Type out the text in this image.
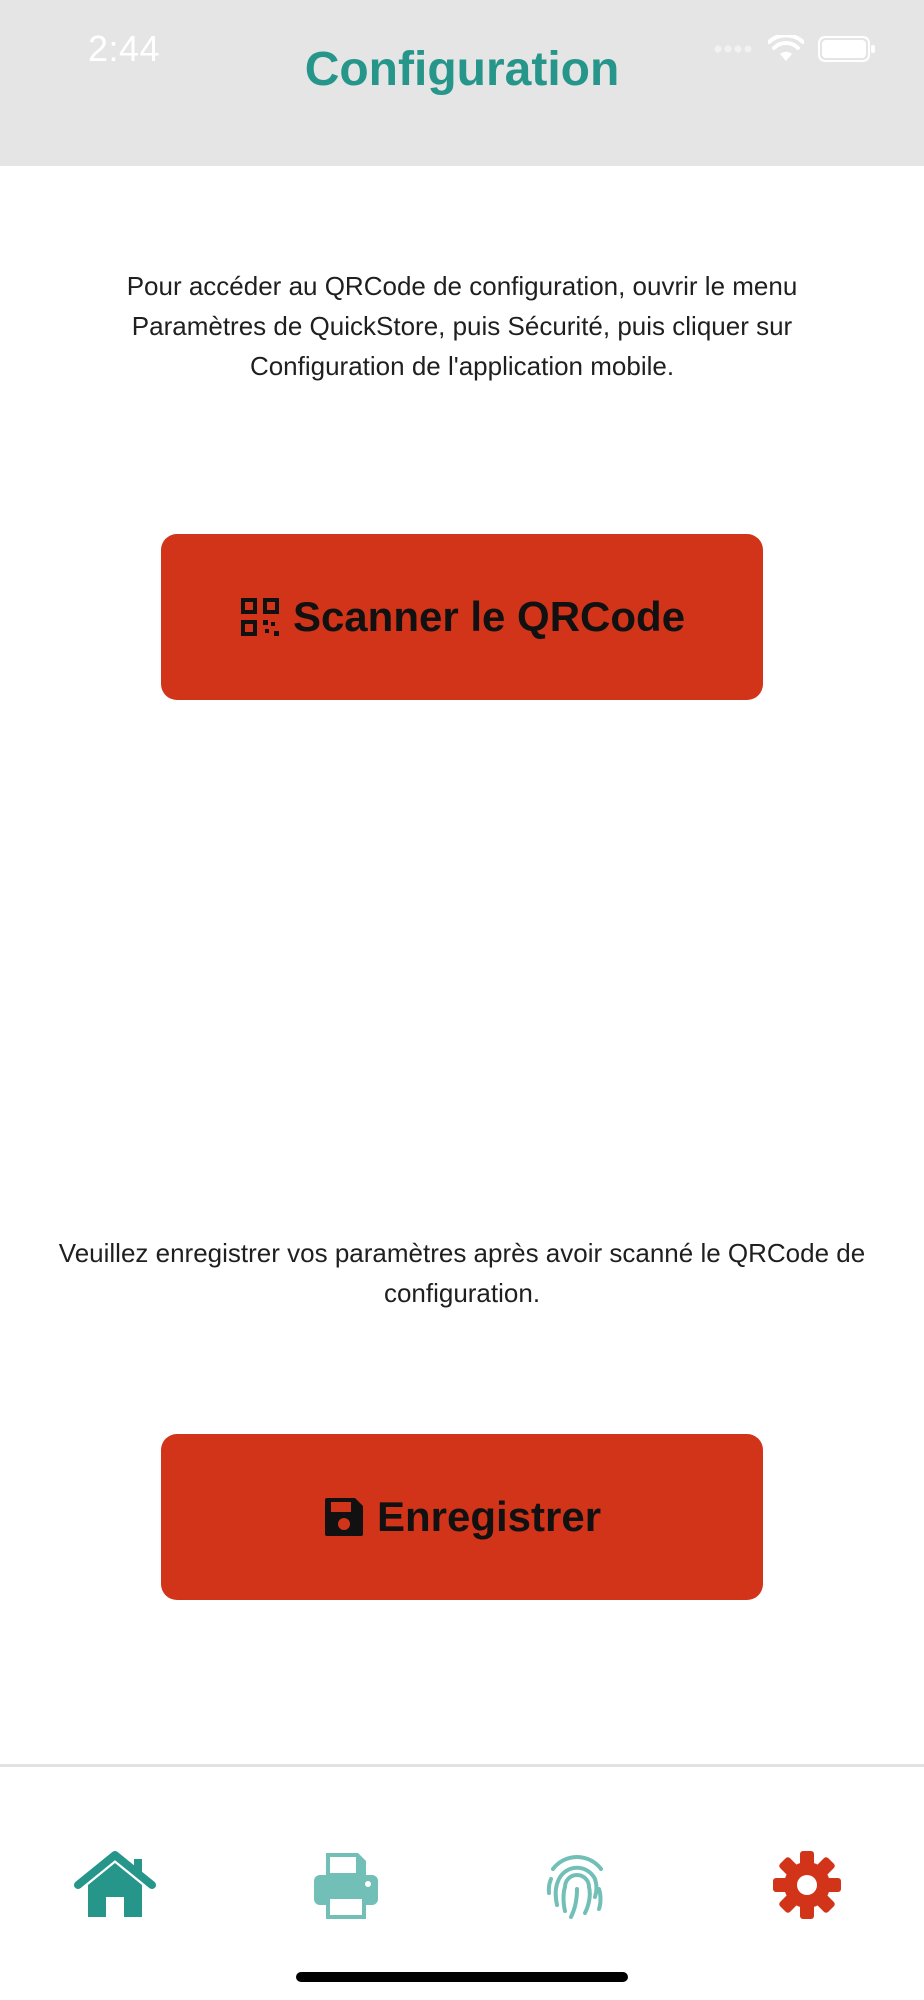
2:44	Configuration
Pour accéder au QRCode de configuration, ouvrir le menu Paramètres de QuickStore, puis Sécurité, puis cliquer sur Configuration de l'application mobile.
Scanner le QRCode
Veuillez enregistrer vos paramètres après avoir scanné le QRCode de configuration.
Enregistrer
